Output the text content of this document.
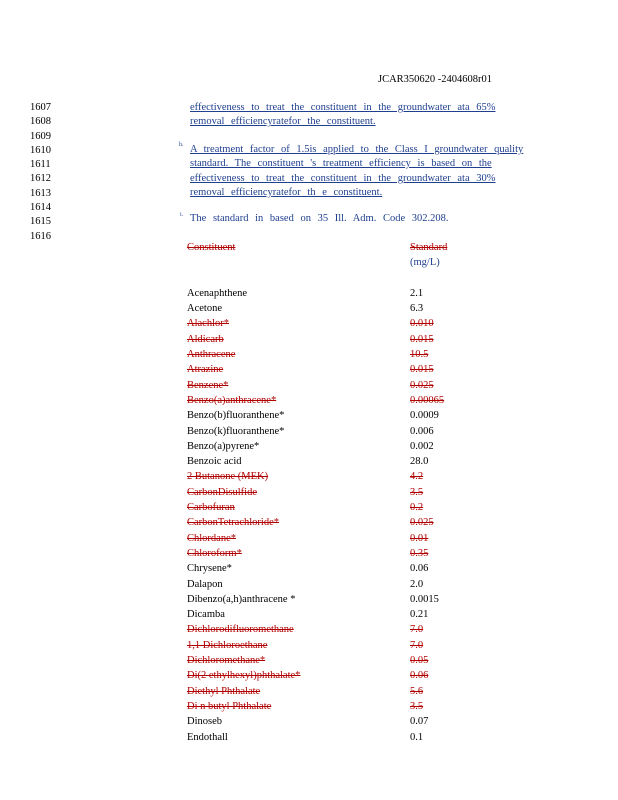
JCAR350620 -2404608r01
1607
1608
1609
1610
1611
1612
1613
1614
1615
1616
effectiveness to treat the constituent in the groundwater ata 65%
removal efficiencyratefor the constituent.
h. A treatment factor of 1.5is applied to the Class I groundwater quality
standard. The constituent 's treatment efficiency is based on the
effectiveness to treat the constituent in the groundwater ata 30%
removal efficiencyratefor th e constituent.
i. The standard in based on 35 Ill. Adm. Code 302.208.
Constituent	Standard
(mg/L)
Acenaphthene	2.1
Acetone	6.3
Alachlor*	0.010
Aldicarb	0.015
Anthracene	10.5
Atrazine	0.015
Benzene*	0.025
Benzo(a)anthracene*	0.00065
Benzo(b)fluoranthene*	0.0009
Benzo(k)fluoranthene*	0.006
Benzo(a)pyrene*	0.002
Benzoic acid	28.0
2 Butanone (MEK)	4.2
CarbonDisulfide	3.5
Carbofuran	0.2
CarbonTetrachloride*	0.025
Chlordane*	0.01
Chloroform*	0.35
Chrysene*	0.06
Dalapon	2.0
Dibenzo(a,h)anthracene *	0.0015
Dicamba	0.21
Dichlorodifluoromethane	7.0
1,1 Dichloroethane	7.0
Dichloromethane*	0.05
Di(2 ethylhexyl)phthalate*	0.06
Diethyl Phthalate	5.6
Di n butyl Phthalate	3.5
Dinoseb	0.07
Endothall	0.1
